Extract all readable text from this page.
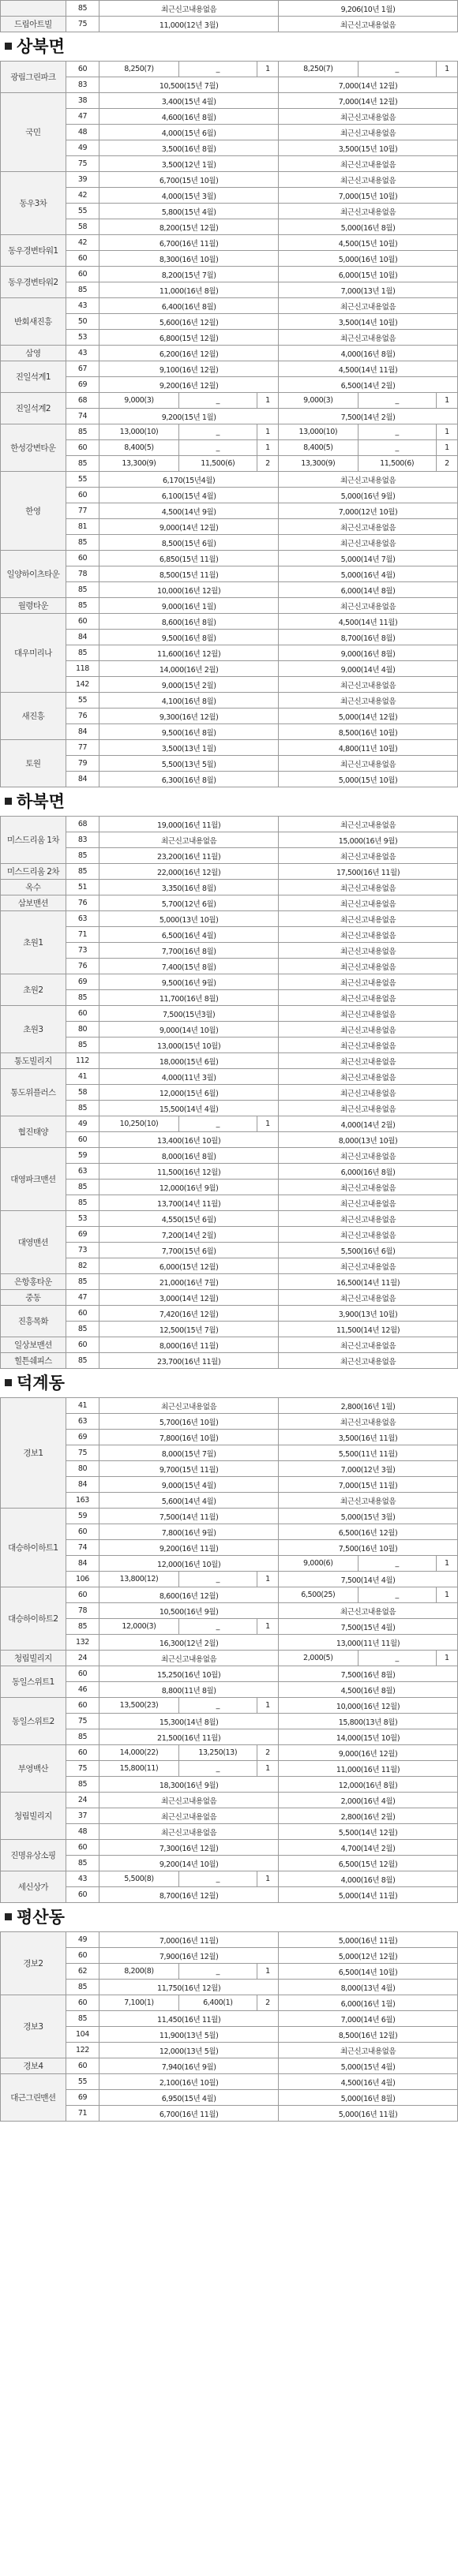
	85	최근신고내용없음	9,206(10년 1월)
드림아트빌	75	11,000(12년 3월)	최근신고내용없음
상북면
광림그린파크	60	8,250(7)	_	1	8,250(7)	_	1
	83	10,500(15년 7월)			7,000(14년 12월)		
국민	38	3,400(15년 4월)			7,000(14년 12월)		
	47	4,600(16년 8월)			최근신고내용없음		
	48	4,000(15년 6월)			최근신고내용없음		
	49	3,500(16년 8월)			3,500(15년 10월)		
	75	3,500(12년 1월)			최근신고내용없음		
동우3차	39	6,700(15년 10월)			최근신고내용없음		
	42	4,000(15년 3월)			7,000(15년 10월)		
	55	5,800(15년 4월)			최근신고내용없음		
	58	8,200(15년 12월)			5,000(16년 8월)		
동우경변타워1	42	6,700(16년 11월)			4,500(15년 10월)		
	60	8,300(16년 10월)			5,000(16년 10월)		
동우경변타워2	60	8,200(15년 7월)			6,000(15년 10월)		
	85	11,000(16년 8월)			7,000(13년 1월)		
반회새진흥	43	6,400(16년 8월)			최근신고내용없음		
	50	5,600(16년 12월)			3,500(14년 10월)		
	53	6,800(15년 12월)			최근신고내용없음		
삼영	43	6,200(16년 12월)			4,000(16년 8월)		
진일석계1	67	9,100(16년 12월)			4,500(14년 11월)		
	69	9,200(16년 12월)			6,500(14년 2월)		
진일석계2	68	9,000(3)	_	1	9,000(3)	_	1
	74	9,200(15년 1월)			7,500(14년 2월)		
한성강변타운	85	13,000(10)	_	1	13,000(10)	_	1
	60	8,400(5)	_	1	8,400(5)	_	1
	85	13,300(9)	11,500(6)	2	13,300(9)	11,500(6)	2
한영	55	6,170(15년4월)			최근신고내용없음		
	60	6,100(15년 4월)			5,000(16년 9월)		
	77	4,500(14년 9월)			7,000(12년 10월)		
	81	9,000(14년 12월)			최근신고내용없음		
	85	8,500(15년 6월)			최근신고내용없음		
일양하이츠타운	60	6,850(15년 11월)			5,000(14년 7월)		
	78	8,500(15년 11월)			5,000(16년 4월)		
	85	10,000(16년 12월)			6,000(14년 8월)		
월령타운	85	9,000(16년 1월)			최근신고내용없음		
대우미리나	60	8,600(16년 8월)			4,500(14년 11월)		
	84	9,500(16년 8월)			8,700(16년 8월)		
	85	11,600(16년 12월)			9,000(16년 8월)		
	118	14,000(16년 2월)			9,000(14년 4월)		
	142	9,000(15년 2월)			최근신고내용없음		
새진흥	55	4,100(16년 8월)			최근신고내용없음		
	76	9,300(16년 12월)			5,000(14년 12월)		
	84	9,500(16년 8월)			8,500(16년 10월)		
토원	77	3,500(13년 1월)			4,800(11년 10월)		
	79	5,500(13년 5월)			최근신고내용없음		
	84	6,300(16년 8월)			5,000(15년 10월)		
하북면
미스드리움 1차	68	19,000(16년 11월)			최근신고내용없음
	83	최근신고내용없음			15,000(16년 9월)
	85	23,200(16년 11월)			최근신고내용없음
미스드리움 2차	85	22,000(16년 12월)			17,500(16년 11월)
옥수	51	3,350(16년 8월)			최근신고내용없음
삼보맨션	76	5,700(12년 6월)			최근신고내용없음
초원1	63	5,000(13년 10월)			최근신고내용없음
	71	6,500(16년 4월)			최근신고내용없음
	73	7,700(16년 8월)			최근신고내용없음
	76	7,400(15년 8월)			최근신고내용없음
초원2	69	9,500(16년 9월)			최근신고내용없음
	85	11,700(16년 8월)			최근신고내용없음
초원3	60	7,500(15년3월)			최근신고내용없음
	80	9,000(14년 10월)			최근신고내용없음
	85	13,000(15년 10월)			최근신고내용없음
통도빌리지	112	18,000(15년 6월)			최근신고내용없음
통도위플러스	41	4,000(11년 3월)			최근신고내용없음
	58	12,000(15년 6월)			최근신고내용없음
	85	15,500(14년 4월)			최근신고내용없음
협진태양	49	10,250(10)	_	1	4,000(14년 2월)
	60	13,400(16년 10월)			8,000(13년 10월)
대영파크맨션	59	8,000(16년 8월)			최근신고내용없음
	63	11,500(16년 12월)			6,000(16년 8월)
	85	12,000(16년 9월)			최근신고내용없음
	85	13,700(14년 11월)			최근신고내용없음
대영맨션	53	4,550(15년 6월)			최근신고내용없음
	69	7,200(14년 2월)			최근신고내용없음
	73	7,700(15년 6월)			5,500(16년 6월)
	82	6,000(15년 12월)			최근신고내용없음
은항홍타운	85	21,000(16년 7월)			16,500(14년 11월)
중동	47	3,000(14년 12월)			최근신고내용없음
진흥목화	60	7,420(16년 12월)			3,900(13년 10월)
	85	12,500(15년 7월)			11,500(14년 12월)
일상보맨션	60	8,000(16년 11월)			최근신고내용없음
힐튼쉐피스	85	23,700(16년 11월)			최근신고내용없음
덕계동
경보1	41	최근신고내용없음			2,800(16년 1월)		
	63	5,700(16년 10월)			최근신고내용없음		
	69	7,800(16년 10월)			3,500(16년 11월)		
	75	8,000(15년 7월)			5,500(11년 11월)		
	80	9,700(15년 11월)			7,000(12년 3월)		
	84	9,000(15년 4월)			7,000(15년 11월)		
	163	5,600(14년 4월)			최근신고내용없음		
대승하이하트1	59	7,500(14년 11월)			5,000(15년 3월)		
	60	7,800(16년 9월)			6,500(16년 12월)		
	74	9,200(16년 11월)			7,500(16년 10월)		
	84	12,000(16년 10월)			9,000(6)	_	1
	106	13,800(12)	_	1	7,500(14년 4월)		
대승하이하트2	60	8,600(16년 12월)			6,500(25)	_	1
	78	10,500(16년 9월)			최근신고내용없음		
	85	12,000(3)	_	1	7,500(15년 4월)		
	132	16,300(12년 2월)			13,000(11년 11월)		
청림빌리지	24	최근신고내용없음			2,000(5)	_	1
동일스위트1	60	15,250(16년 10월)			7,500(16년 8월)		
	46	8,800(11년 8월)			4,500(16년 8월)		
동일스위트2	60	13,500(23)	_	1	10,000(16년 12월)		
	75	15,300(14년 8월)			15,800(13년 8월)		
	85	21,500(16년 11월)			14,000(15년 10월)		
부영백산	60	14,000(22)	13,250(13)	2	9,000(16년 12월)		
	75	15,800(11)	_	1	11,000(16년 11월)		
	85	18,300(16년 9월)			12,000(16년 8월)		
청림빌리지	24	최근신고내용없음			2,000(16년 4월)		
	37	최근신고내용없음			2,800(16년 2월)		
	48	최근신고내용없음			5,500(14년 12월)		
진명유상소핑	60	7,300(16년 12월)			4,700(14년 2월)		
	85	9,200(14년 10월)			6,500(15년 12월)		
세신상가	43	5,500(8)	_	1	4,000(16년 8월)		
	60	8,700(16년 12월)			5,000(14년 11월)		
평산동
경보2	49	7,000(16년 11월)			5,000(16년 11월)
	60	7,900(16년 12월)			5,000(12년 12월)
	62	8,200(8)	_	1	6,500(14년 10월)
	85	11,750(16년 12월)			8,000(13년 4월)
경보3	60	7,100(1)	6,400(1)	2	6,000(16년 1월)
	85	11,450(16년 11월)			7,000(14년 6월)
	104	11,900(13년 5월)			8,500(16년 12월)
	122	12,000(13년 5월)			최근신고내용없음
경보4	60	7,940(16년 9월)			5,000(15년 4월)
대근그린맨션	55	2,100(16년 10월)			4,500(16년 4월)
	69	6,950(15년 4월)			5,000(16년 8월)
	71	6,700(16년 11월)			5,000(16년 11월)
